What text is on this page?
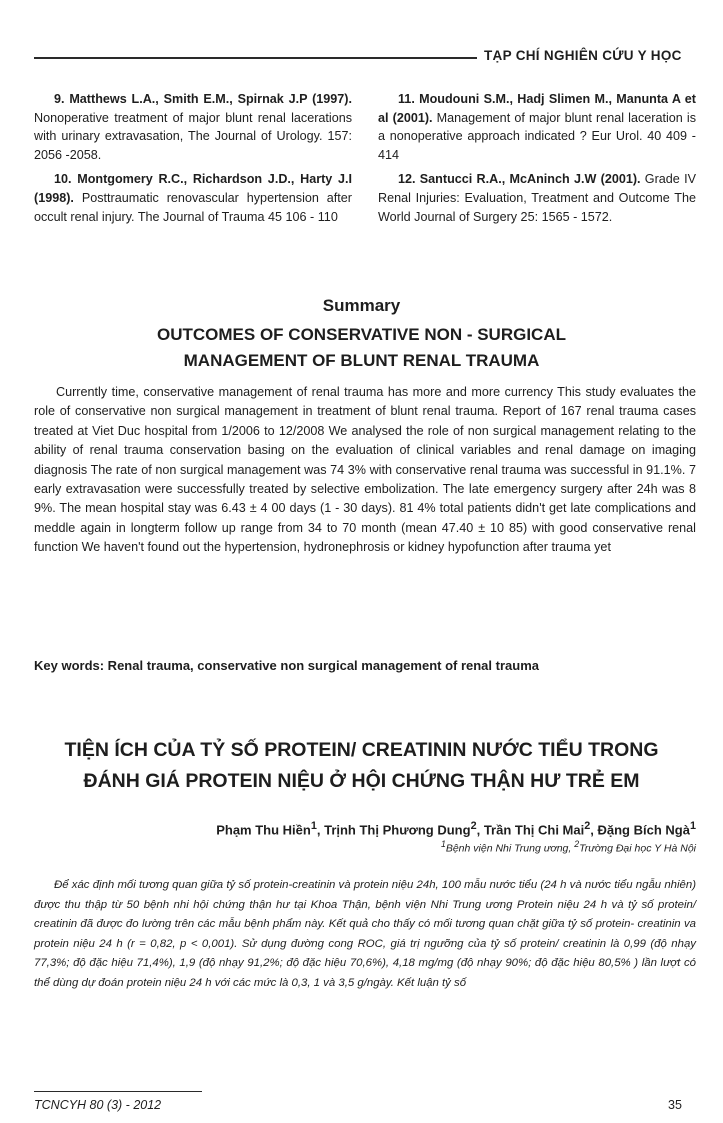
TẠP CHÍ NGHIÊN CỨU Y HỌC

9. Matthews L.A., Smith E.M., Spirnak J.P (1997). Nonoperative treatment of major blunt renal lacerations with urinary extravasation, The Journal of Urology. 157: 2056 -2058.

10. Montgomery R.C., Richardson J.D., Harty J.I (1998). Posttraumatic renovascular hypertension after occult renal injury. The Journal of Trauma 45 106 - 110

11. Moudouni S.M., Hadj Slimen M., Manunta A et al (2001). Management of major blunt renal laceration is a nonoperative approach indicated ? Eur Urol. 40 409 - 414

12. Santucci R.A., McAninch J.W (2001). Grade IV Renal Injuries: Evaluation, Treatment and Outcome The World Journal of Surgery 25: 1565 - 1572.

Summary
OUTCOMES OF CONSERVATIVE NON - SURGICAL
MANAGEMENT OF BLUNT RENAL TRAUMA

Currently time, conservative management of renal trauma has more and more currency This study evaluates the role of conservative non surgical management in treatment of blunt renal trauma. Report of 167 renal trauma cases treated at Viet Duc hospital from 1/2006 to 12/2008 We analysed the role of non surgical management relating to the ability of renal trauma conservation basing on the evaluation of clinical variables and renal damage on imaging diagnosis The rate of non surgical management was 74 3% with conservative renal trauma was successful in 91.1%. 7 early extravasation were successfully treated by selective embolization. The late emergency surgery after 24h was 8 9%. The mean hospital stay was 6.43 ± 4 00 days (1 - 30 days). 81 4% total patients didn't get late complications and meddle again in longterm follow up range from 34 to 70 month (mean 47.40 ± 10 85) with good conservative renal function We haven't found out the hypertension, hydronephrosis or kidney hypofunction after trauma yet

Key words: Renal trauma, conservative non surgical management of renal trauma

TIỆN ÍCH CỦA TỶ SỐ PROTEIN/ CREATININ NƯỚC TIỂU TRONG
ĐÁNH GIÁ PROTEIN NIỆU Ở HỘI CHỨNG THẬN HƯ TRẺ EM
Phạm Thu Hiền$^1$, Trịnh Thị Phương Dung$^2$, Trần Thị Chi Mai$^2$, Đặng Bích Ngà$^1$
$^1$Bệnh viện Nhi Trung ương, $^2$Trường Đại học Y Hà Nội

Để xác định mối tương quan giữa tỷ số protein-creatinin và protein niệu 24h, 100 mẫu nước tiểu (24 h và nước tiểu ngẫu nhiên) được thu thập từ 50 bệnh nhi hội chứng thận hư tại Khoa Thận, bệnh viện Nhi Trung ương Protein niệu 24 h và tỷ số protein/ creatinin đã được đo lường trên các mẫu bệnh phẩm này. Kết quả cho thấy có mối tương quan chặt giữa tỷ số protein- creatinin va protein niệu 24 h (r = 0,82, p < 0,001). Sử dụng đường cong ROC, giá trị ngưỡng của tỷ số protein/ creatinin là 0,99 (độ nhạy 77,3%; độ đặc hiệu 71,4%), 1,9 (độ nhạy 91,2%; độ đặc hiệu 70,6%), 4,18 mg/mg (độ nhạy 90%; độ đặc hiệu 80,5% ) lần lượt có thể dùng dự đoán protein niệu 24 h với các mức là 0,3, 1 và 3,5 g/ngày. Kết luận tỷ số

TCNCYH 80 (3) - 2012	35
